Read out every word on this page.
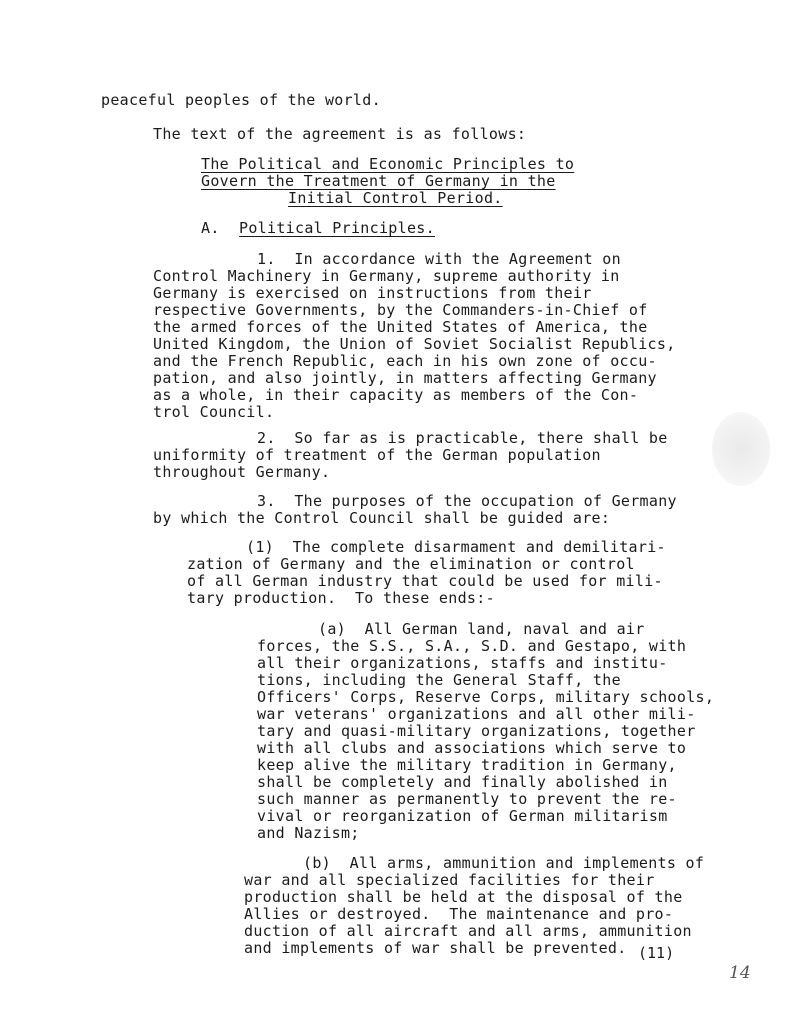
peaceful peoples of the world.
The text of the agreement is as follows:
The Political and Economic Principles to
Govern the Treatment of Germany in the
Initial Control Period.
A. Political Principles.
1.  In accordance with the Agreement on
Control Machinery in Germany, supreme authority in
Germany is exercised on instructions from their
respective Governments, by the Commanders-in-Chief of
the armed forces of the United States of America, the
United Kingdom, the Union of Soviet Socialist Republics,
and the French Republic, each in his own zone of occu-
pation, and also jointly, in matters affecting Germany
as a whole, in their capacity as members of the Con-
trol Council.
2.  So far as is practicable, there shall be
uniformity of treatment of the German population
throughout Germany.
3.  The purposes of the occupation of Germany
by which the Control Council shall be guided are:
(1)  The complete disarmament and demilitari-
zation of Germany and the elimination or control
of all German industry that could be used for mili-
tary production.  To these ends:-
(a)  All German land, naval and air
forces, the S.S., S.A., S.D. and Gestapo, with
all their organizations, staffs and institu-
tions, including the General Staff, the
Officers' Corps, Reserve Corps, military schools,
war veterans' organizations and all other mili-
tary and quasi-military organizations, together
with all clubs and associations which serve to
keep alive the military tradition in Germany,
shall be completely and finally abolished in
such manner as permanently to prevent the re-
vival or reorganization of German militarism
and Nazism;
(b)  All arms, ammunition and implements of
war and all specialized facilities for their
production shall be held at the disposal of the
Allies or destroyed.  The maintenance and pro-
duction of all aircraft and all arms, ammunition
and implements of war shall be prevented. (11)
14
